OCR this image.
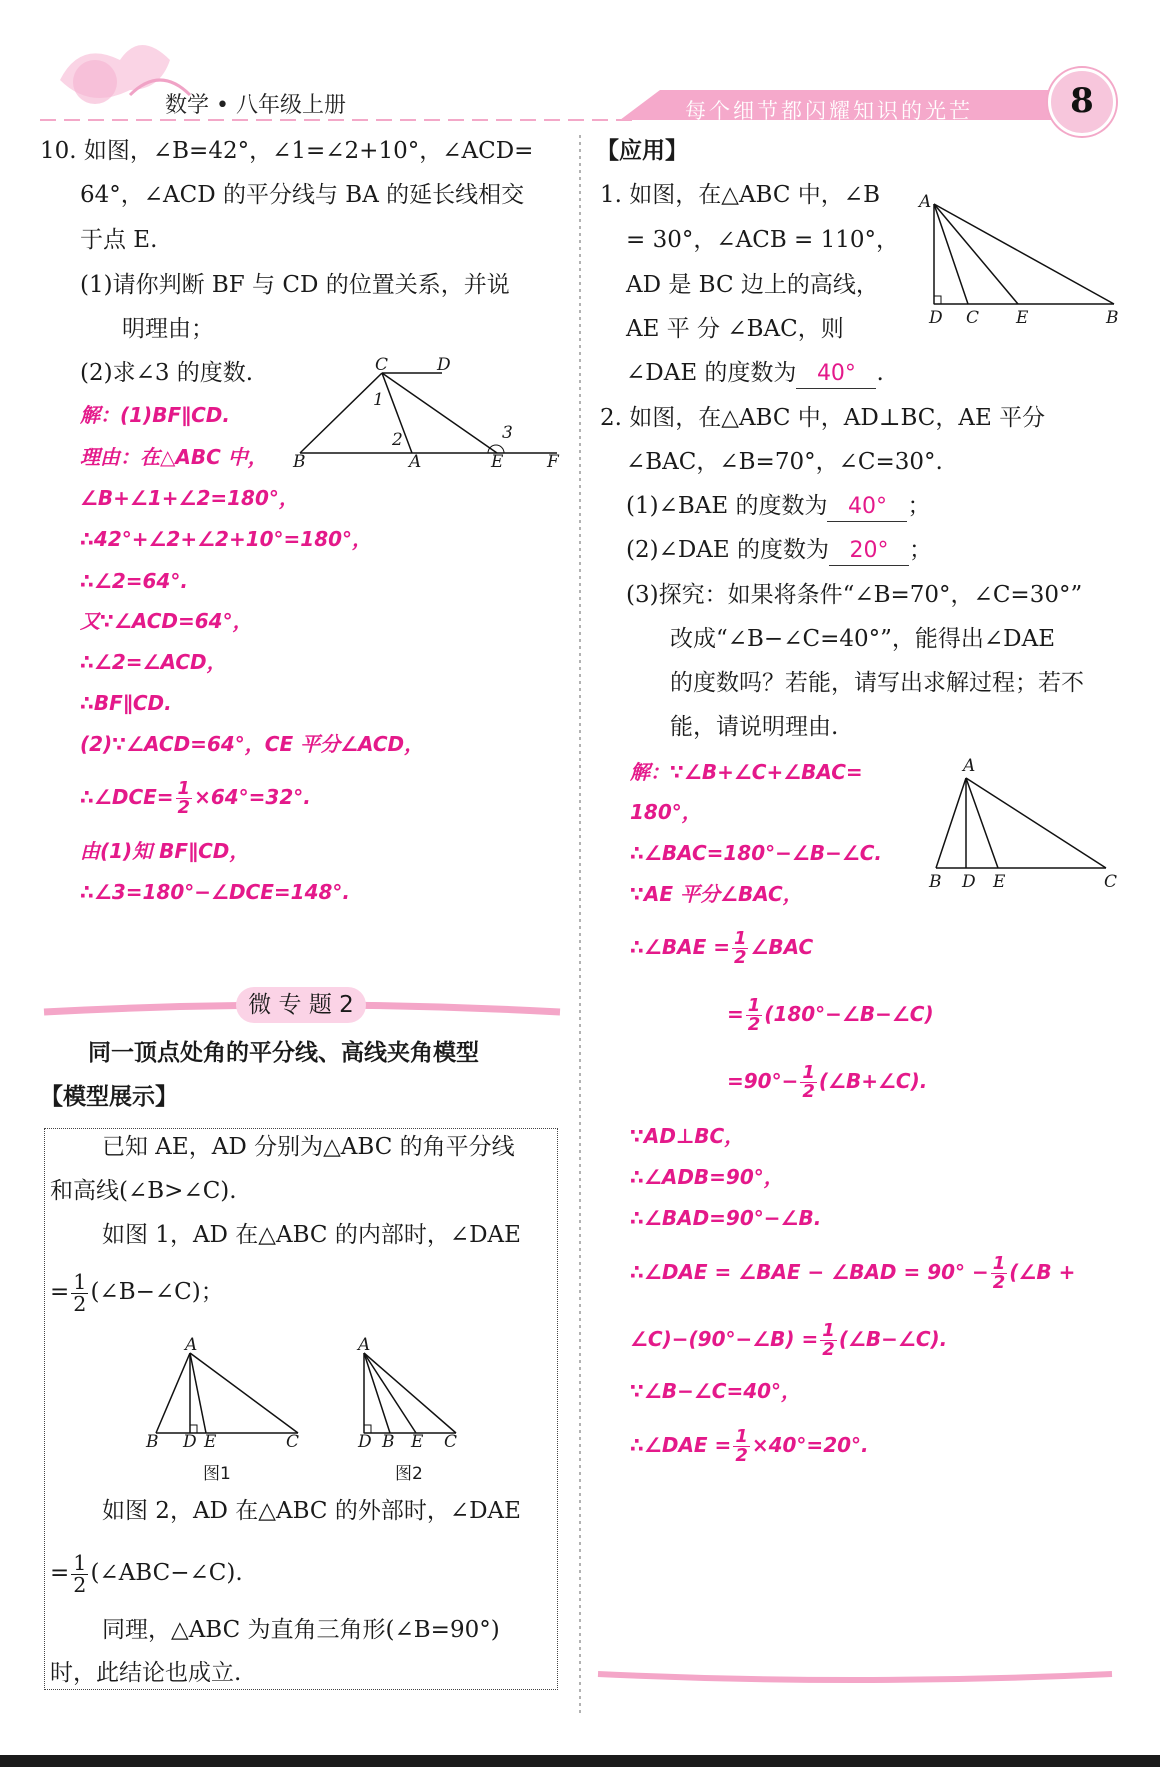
数学 • 八年级上册	每个细节都闪耀知识的光芒	8
10. 如图，∠B=42°，∠1=∠2+10°，∠ACD=
64°，∠ACD 的平分线与 BA 的延长线相交
于点 E.
(1)请你判断 BF 与 CD 的位置关系，并说
明理由；
(2)求∠3 的度数.	C	D
B	A	E	F
1
2	3
解：(1)BF∥CD.
理由：在△ABC 中，
∠B+∠1+∠2=180°，
∴42°+∠2+∠2+10°=180°，
∴∠2=64°.
又∵∠ACD=64°，
∴∠2=∠ACD，
∴BF∥CD.
(2)∵∠ACD=64°，CE 平分∠ACD，
∴∠DCE= $\frac{1}{2} \times 64^\circ=32^\circ$.
由(1)知 BF∥CD，
∴∠3=180°−∠DCE=148°.
微 专 题 2
同一顶点处角的平分线、高线夹角模型
【模型展示】
已知 AE，AD 分别为△ABC 的角平分线
和高线(∠B>∠C).
如图 1，AD 在△ABC 的内部时，∠DAE
= $\frac{1}{2}$ (∠B−∠C)；
A
B D E	C
图1
A
D B E C
图2
如图 2，AD 在△ABC 的外部时，∠DAE
= $\frac{1}{2}$ (∠ABC−∠C).
同理，△ABC 为直角三角形(∠B=90°)
时，此结论也成立.
【应用】
1. 如图，在△ABC 中，∠B
= 30°，∠ACB = 110°，
AD 是 BC 边上的高线，
AE 平 分 ∠BAC，则
∠DAE 的度数为 40° .
A
D C E	B
2. 如图，在△ABC 中，AD⊥BC，AE 平分
∠BAC，∠B=70°，∠C=30°.
(1)∠BAE 的度数为 40° ；
(2)∠DAE 的度数为 20° ；
(3)探究：如果将条件“∠B=70°，∠C=30°”
改成“∠B−∠C=40°”，能得出∠DAE
的度数吗？若能，请写出求解过程；若不
能，请说明理由.
A
B D E	C
解：∵∠B+∠C+∠BAC=
180°，
∴∠BAC=180°−∠B−∠C.
∵AE 平分∠BAC，
∴∠BAE = $\frac{1}{2}$ ∠BAC
= $\frac{1}{2}$ (180°−∠B−∠C)
$=90^\circ- \frac{1}{2}$ (∠B+∠C).
∵AD⊥BC，
∴∠ADB=90°，
∴∠BAD=90°−∠B.
∴∠DAE = ∠BAE − ∠BAD = $90^\circ - \frac{1}{2}$ (∠B +
∠C)−(90°−∠B) = $\frac{1}{2}$ (∠B−∠C).
∵∠B−∠C=40°，
∴∠DAE = $\frac{1}{2} \times 40^\circ=20^\circ$.
